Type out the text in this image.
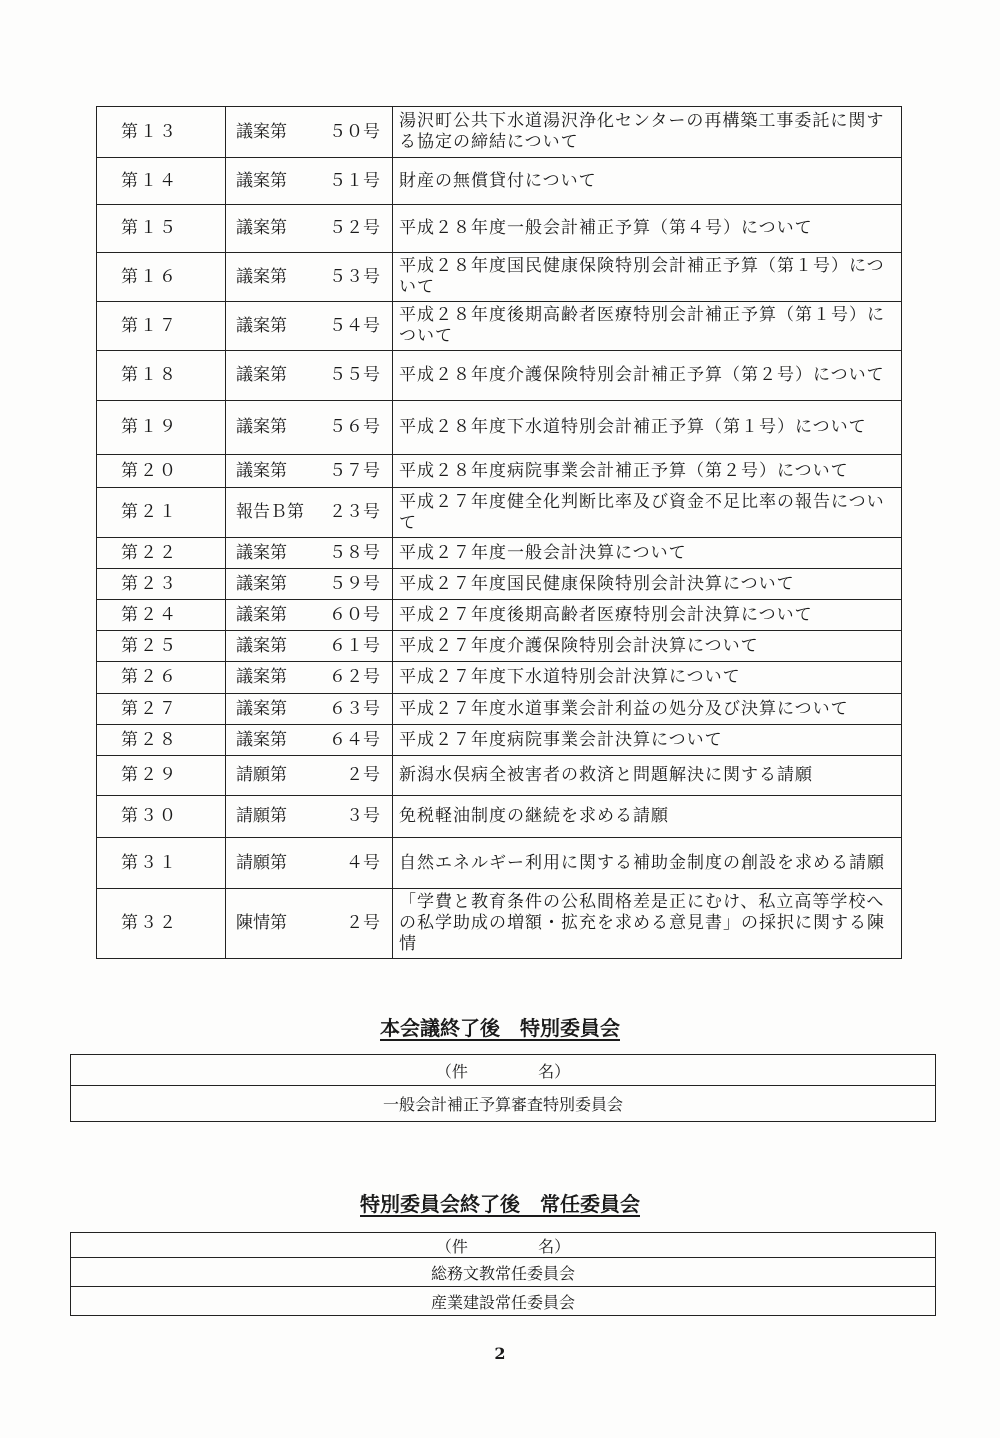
第１３	議案第 ５０号	湯沢町公共下水道湯沢浄化センターの再構築工事委託に関する協定の締結について
第１４	議案第 ５１号	財産の無償貸付について
第１５	議案第 ５２号	平成２８年度一般会計補正予算（第４号）について
第１６	議案第 ５３号	平成２８年度国民健康保険特別会計補正予算（第１号）について
第１７	議案第 ５４号	平成２８年度後期高齢者医療特別会計補正予算（第１号）について
第１８	議案第 ５５号	平成２８年度介護保険特別会計補正予算（第２号）について
第１９	議案第 ５６号	平成２８年度下水道特別会計補正予算（第１号）について
第２０	議案第 ５７号	平成２８年度病院事業会計補正予算（第２号）について
第２１	報告Ｂ第 ２３号	平成２７年度健全化判断比率及び資金不足比率の報告について
第２２	議案第 ５８号	平成２７年度一般会計決算について
第２３	議案第 ５９号	平成２７年度国民健康保険特別会計決算について
第２４	議案第 ６０号	平成２７年度後期高齢者医療特別会計決算について
第２５	議案第 ６１号	平成２７年度介護保険特別会計決算について
第２６	議案第 ６２号	平成２７年度下水道特別会計決算について
第２７	議案第 ６３号	平成２７年度水道事業会計利益の処分及び決算について
第２８	議案第 ６４号	平成２７年度病院事業会計決算について
第２９	請願第 ２号	新潟水俣病全被害者の救済と問題解決に関する請願
第３０	請願第 ３号	免税軽油制度の継続を求める請願
第３１	請願第 ４号	自然エネルギー利用に関する補助金制度の創設を求める請願
第３２	陳情第 ２号	「学費と教育条件の公私間格差是正にむけ、私立高等学校への私学助成の増額・拡充を求める意見書」の採択に関する陳情
本会議終了後　特別委員会
（件	名）
一般会計補正予算審査特別委員会
特別委員会終了後　常任委員会
（件	名）
総務文教常任委員会
産業建設常任委員会
2
